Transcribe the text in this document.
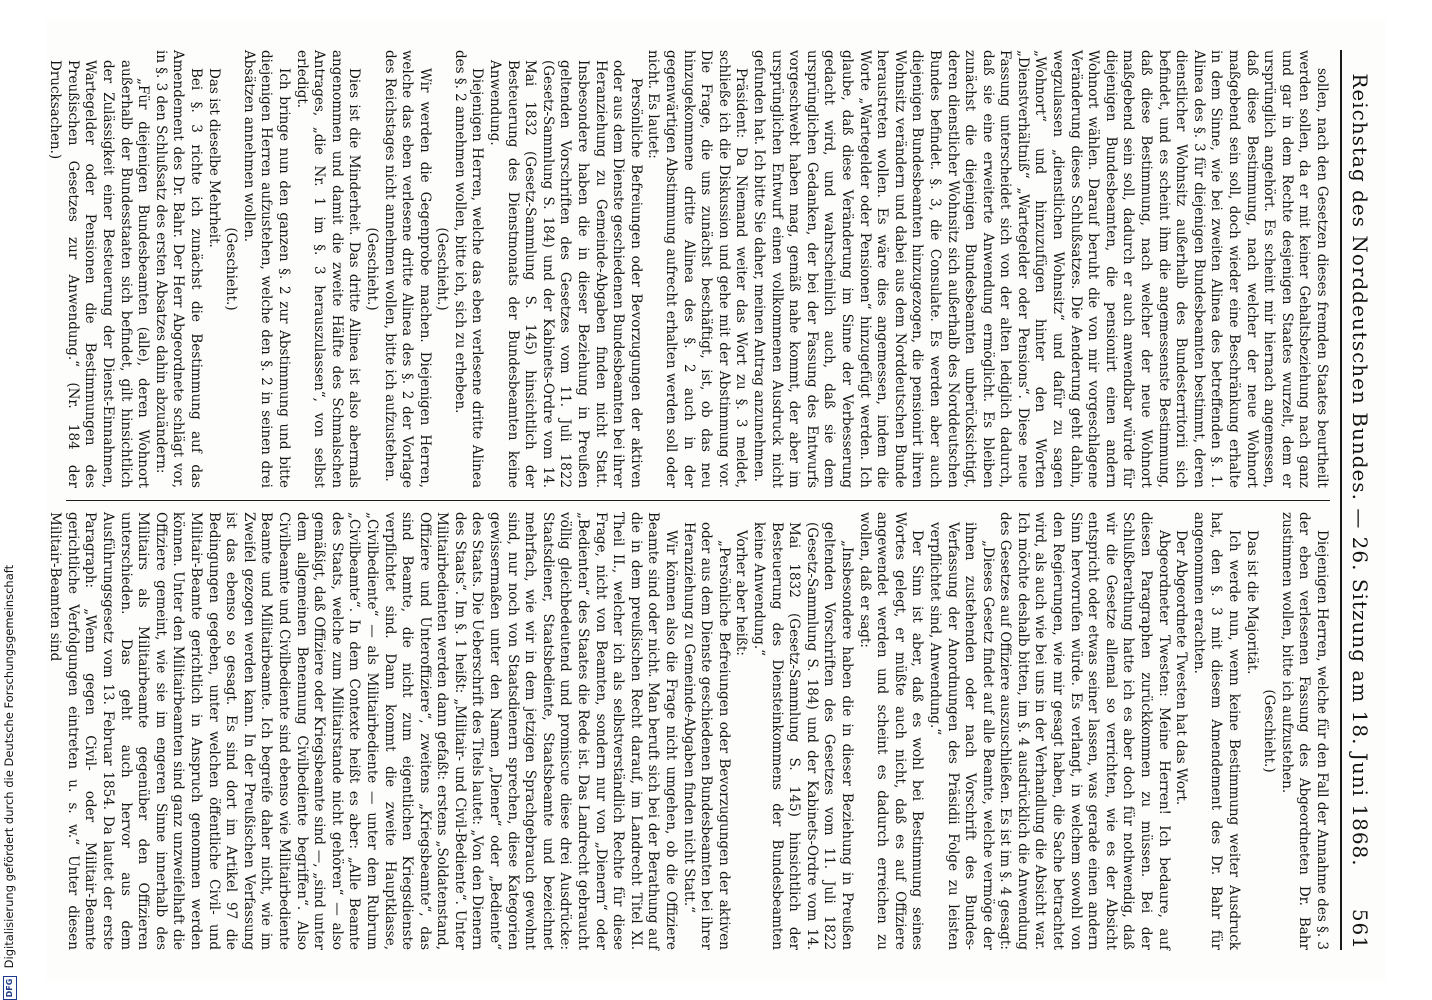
Reichstag des Norddeutschen Bundes. — 26. Sitzung am 18. Juni 1868.
561

sollen, nach den Gesetzen dieses fremden Staates beurtheilt werden sollen, da er mit keiner Gehaltsbeziehung nach ganz und gar in dem Rechte desjenigen Staates wurzelt, dem er ursprünglich angehört. Es scheint mir hiernach angemessen, daß diese Bestimmung, nach welcher der neue Wohnort maßgebend sein soll, doch wieder eine Beschränkung erhalte in dem Sinne, wie bei zweiten Alinea des betreffenden §. 1. Alinea des §. 3 für diejenigen Bundesbeamten bestimmt, deren dienstlicher Wohnsitz außerhalb des Bundesterritorii sich befindet, und es scheint ihm die angemessenste Bestimmung, daß diese Bestimmung, nach welcher der neue Wohnort maßgebend sein soll, dadurch er auch anwendbar würde für diejenigen Bundesbeamten, die pensionirt einen andern Wohnort wählen. Darauf beruht die von mir vorgeschlagene Veränderung dieses Schlußsatzes. Die Aenderung geht dahin, wegzulassen „dienstlichen Wohnsitz“ und dafür zu sagen „Wohnort“ und hinzuzufügen hinter den Worten „Dienstverhältniß“ „Wartegelder oder Pensions“. Diese neue Fassung unterscheidet sich von der alten lediglich dadurch, daß sie eine erweiterte Anwendung ermöglicht. Es bleiben zunächst die diejenigen Bundesbeamten unberücksichtigt, deren dienstlicher Wohnsitz sich außerhalb des Norddeutschen Bundes befindet. §. 3, die Consulate. Es werden aber auch diejenigen Bundesbeamten hinzugezogen, die pensionirt ihren Wohnsitz verändern und dabei aus dem Norddeutschen Bunde heraustreten wollen. Es wäre dies angemessen, indem die Worte „Wartegelder oder Pensionen“ hinzugefügt werden. Ich glaube, daß diese Veränderung im Sinne der Verbesserung gedacht wird, und wahrscheinlich auch, daß sie dem ursprünglichen Gedanken, der bei der Fassung des Entwurfs vorgeschwebt haben mag, gemäß nahe kommt, der aber im ursprünglichen Entwurf einen vollkommenen Ausdruck nicht gefunden hat. Ich bitte Sie daher, meinen Antrag anzunehmen.

Präsident: Da Niemand weiter das Wort zu §. 3 meldet, schließe ich die Diskussion und gehe mit der Abstimmung vor. Die Frage, die uns zunächst beschäftigt, ist, ob das neu hinzugekommene dritte Alinea des §. 2 auch in der gegenwärtigen Abstimmung aufrecht erhalten werden soll oder nicht. Es lautet:

Persönliche Befreiungen oder Bevorzugungen der aktiven oder aus dem Dienste geschiedenen Bundesbeamten bei ihrer Heranziehung zu Gemeinde-Abgaben finden nicht Statt. Insbesondere haben die in dieser Beziehung in Preußen geltenden Vorschriften des Gesetzes vom 11. Juli 1822 (Gesetz-Sammlung S. 184) und der Kabinets-Ordre vom 14. Mai 1832 (Gesetz-Sammlung S. 145) hinsichtlich der Besteuerung des Dienstmonats der Bundesbeamten keine Anwendung.

Diejenigen Herren, welche das eben verlesene dritte Alinea des §. 2 annehmen wollen, bitte ich, sich zu erheben.

(Geschieht.)

Wir werden die Gegenprobe machen. Diejenigen Herren, welche das eben verlesene dritte Alinea des §. 2 der Vorlage des Reichstages nicht annehmen wollen, bitte ich aufzustehen.

(Geschieht.)

Dies ist die Minderheit. Das dritte Alinea ist also abermals angenommen und damit die zweite Hälfte des Schmalschen Antrages, „die Nr. 1 im §. 3 herauszulassen“, von selbst erledigt.

Ich bringe nun den ganzen §. 2 zur Abstimmung und bitte diejenigen Herren aufzustehen, welche den §. 2 in seinen drei Absätzen annehmen wollen.

(Geschieht.)

Das ist dieselbe Mehrheit.

Bei §. 3 richte ich zunächst die Bestimmung auf das Amendement des Dr. Bahr. Der Herr Abgeordnete schlägt vor, in §. 3 den Schlußsatz des ersten Absatzes dahin abzuändern:

„Für diejenigen Bundesbeamten (alle), deren Wohnort außerhalb der Bundesstaaten sich befindet, gilt hinsichtlich der Zulässigkeit einer Besteuerung der Dienst-Einnahmen, Wartegelder oder Pensionen die Bestimmungen des Preußischen Gesetzes zur Anwendung.“ (Nr. 184 der Drucksachen.)

Diejenigen Herren, welche für den Fall der Annahme des §. 3 der eben verlesenen Fassung des Abgeordneten Dr. Bahr zustimmen wollen, bitte ich aufzustehen.

(Geschieht.)

Das ist die Majorität.

Ich werde nun, wenn keine Bestimmung weiter Ausdruck hat, den §. 3 mit diesem Amendement des Dr. Bahr für angenommen erachten.

Der Abgeordnete Twesten hat das Wort.

Abgeordneter Twesten: Meine Herren! Ich bedaure, auf diesen Paragraphen zurückkommen zu müssen. Bei der Schlußberathung hatte ich es aber doch für nothwendig, daß wir die Gesetze allemal so verrichten, wie es der Absicht entspricht oder etwas seiner lassen, was gerade einen andern Sinn hervorrufen würde. Es verlangt, in welchem sowohl von den Regierungen, wie mir gesagt haben, die Sache betrachtet wird, als auch wie bei uns in der Verhandlung die Absicht war. Ich möchte deshalb bitten, im §. 4 ausdrücklich die Anwendung des Gesetzes auf Offiziere auszuschließen. Es ist im §. 4 gesagt:

„Dieses Gesetz findet auf alle Beamte, welche vermöge der ihnen zustehenden oder nach Vorschrift des Bundes-Verfassung der Anordnungen des Präsidii Folge zu leisten verpflichtet sind, Anwendung.“

Der Sinn ist aber, daß es wohl bei Bestimmung seines Wortes gelegt, er müßte auch nicht, daß es auf Offiziere angewendet werden und scheint es dadurch erreichen zu wollen, daß er sagt:

„Insbesondere haben die in dieser Beziehung in Preußen geltenden Vorschriften des Gesetzes vom 11. Juli 1822 (Gesetz-Sammlung S. 184) und der Kabinets-Ordre vom 14. Mai 1832 (Gesetz-Sammlung S. 145) hinsichtlich der Besteuerung des Diensteinkommens der Bundesbeamten keine Anwendung.“

Vorher aber heißt:

„Persönliche Befreiungen oder Bevorzugungen der aktiven oder aus dem Dienste geschiedenen Bundesbeamten bei ihrer Heranziehung zu Gemeinde-Abgaben finden nicht Statt.“

Wir können also die Frage nicht umgehen, ob die Offiziere Beamte sind oder nicht. Man beruft sich bei der Berathung auf die in dem preußischen Recht darauf, im Landrecht Titel XI. Theil II., welcher ich als selbstverständlich Rechte für diese Frage, nicht von Beamten, sondern nur von „Dienern“ oder „Bedienten“ des Staates die Rede ist. Das Landrecht gebraucht völlig gleichbedeutend und promiscue diese drei Ausdrücke: Staatsdiener, Staatsbediente, Staatsbeamte und bezeichnet mehrfach, wie wir in dem jetzigen Sprachgebrauch gewohnt sind, nur noch von Staatsdienern sprechen, diese Kategorien gewissermaßen unter den Namen „Diener“ oder „Bediente“ des Staats. Die Ueberschrift des Titels lautet: „Von den Dienern des Staats“. Im §. 1 heißt: „Militair- und Civil-Bediente“. Unter Militairbedienten werden dann gefaßt: erstens „Soldatenstand, Offiziere und Unteroffiziere“, zweitens „Kriegsbeamte“, das sind Beamte, die nicht zum eigentlichen Kriegsdienste verpflichtet sind. Dann kommt die zweite Hauptklasse, „Civilbediente“ — als Militairbediente — unter dem Rubrum „Civilbeamte“. In dem Contexte heißt es aber: „Alle Beamte des Staats, welche zum Militairstande nicht gehören“ — also gemäßigt, daß Offiziere oder Kriegsbeamte sind —, „sind unter dem allgemeinen Benennung Civilbediente begriffen“. Also Civilbeamte und Civilbediente sind ebenso wie Militairbediente Beamte und Militairbeamte. Ich begreife daher nicht, wie im Zweifel gezogen werden kann. In der Preußischen Verfassung ist das ebenso so gesagt. Es sind dort im Artikel 97 die Bedingungen gegeben, unter welchen öffentliche Civil- und Militair-Beamte gerichtlich in Anspruch genommen werden können. Unter den Militairbeamten sind ganz unzweifelhaft die Offiziere gemeint, wie sie im engeren Sinne innerhalb des Militairs als Militairbeamte gegenüber den Offizieren unterschieden. Das geht auch hervor aus dem Ausführungsgesetz vom 13. Februar 1854. Da lautet der erste Paragraph: „Wenn gegen Civil- oder Militair-Beamte gerichtliche Verfolgungen eintreten u. s. w.“ Unter diesen Militair-Beamten sind

DFG Digitalisierung gefördert durch die Deutsche Forschungsgemeinschaft
